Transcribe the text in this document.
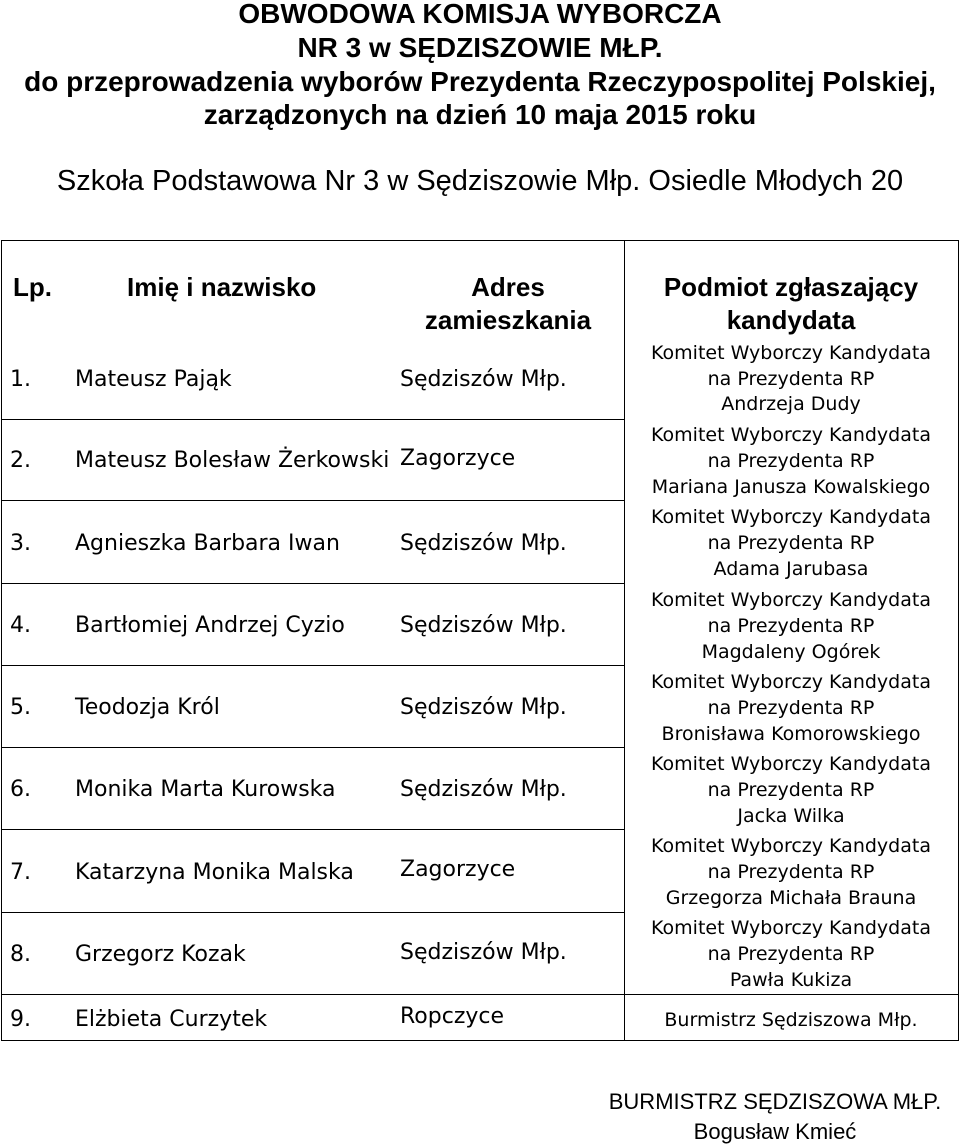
OBWODOWA KOMISJA WYBORCZA
NR 3 w SĘDZISZOWIE MŁP.
do przeprowadzenia wyborów Prezydenta Rzeczypospolitej Polskiej,
zarządzonych na dzień 10 maja 2015 roku
Szkoła Podstawowa Nr 3 w Sędziszowie Młp. Osiedle Młodych 20
Lp.	Imię i nazwisko	Adres
zamieszkania
Podmiot zgłaszający
kandydata
1. Mateusz Pająk	Sędziszów Młp.
Komitet Wyborczy Kandydata
na Prezydenta RP
Andrzeja Dudy
2. Mateusz Bolesław Żerkowski Zagorzyce
Komitet Wyborczy Kandydata
na Prezydenta RP
Mariana Janusza Kowalskiego
3. Agnieszka Barbara Iwan	Sędziszów Młp.
Komitet Wyborczy Kandydata
na Prezydenta RP
Adama Jarubasa
4. Bartłomiej Andrzej Cyzio	Sędziszów Młp.
Komitet Wyborczy Kandydata
na Prezydenta RP
Magdaleny Ogórek
5. Teodozja Król	Sędziszów Młp.
Komitet Wyborczy Kandydata
na Prezydenta RP
Bronisława Komorowskiego
6. Monika Marta Kurowska	Sędziszów Młp.
Komitet Wyborczy Kandydata
na Prezydenta RP
Jacka Wilka
7. Katarzyna Monika Malska Zagorzyce
Komitet Wyborczy Kandydata
na Prezydenta RP
Grzegorza Michała Brauna
8. Grzegorz Kozak	Sędziszów Młp.
Komitet Wyborczy Kandydata
na Prezydenta RP
Pawła Kukiza
9. Elżbieta Curzytek	Ropczyce	Burmistrz Sędziszowa Młp.
BURMISTRZ SĘDZISZOWA MŁP.
Bogusław Kmieć
